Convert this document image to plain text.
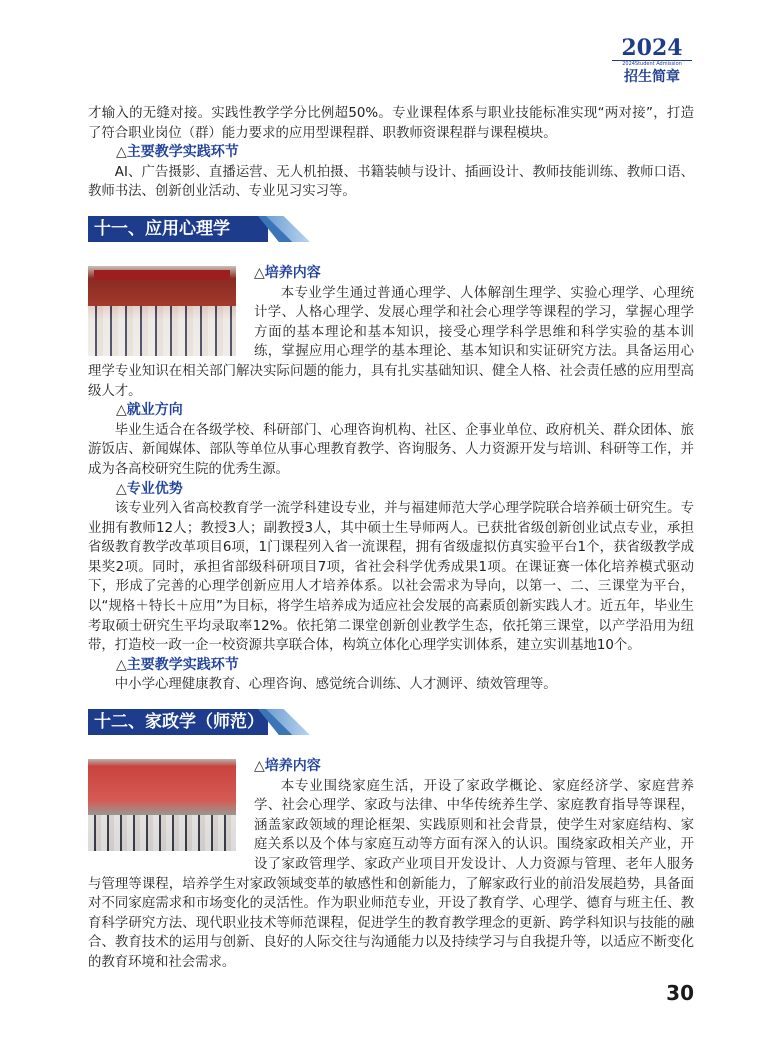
2024
2024Student Admission
招生简章

才输入的无缝对接。实践性教学学分比例超50%。专业课程体系与职业技能标准实现“两对接”，打造了符合职业岗位（群）能力要求的应用型课程群、职教师资课程群与课程模块。

△主要教学实践环节

AI、广告摄影、直播运营、无人机拍摄、书籍装帧与设计、插画设计、教师技能训练、教师口语、教师书法、创新创业活动、专业见习实习等。

十一、应用心理学
△培养内容

本专业学生通过普通心理学、人体解剖生理学、实验心理学、心理统计学、人格心理学、发展心理学和社会心理学等课程的学习，掌握心理学方面的基本理论和基本知识，接受心理学科学思维和科学实验的基本训练，掌握应用心理学的基本理论、基本知识和实证研究方法。具备运用心理学专业知识在相关部门解决实际问题的能力，具有扎实基础知识、健全人格、社会责任感的应用型高级人才。

△就业方向

毕业生适合在各级学校、科研部门、心理咨询机构、社区、企事业单位、政府机关、群众团体、旅游饭店、新闻媒体、部队等单位从事心理教育教学、咨询服务、人力资源开发与培训、科研等工作，并成为各高校研究生院的优秀生源。

△专业优势

该专业列入省高校教育学一流学科建设专业，并与福建师范大学心理学院联合培养硕士研究生。专业拥有教师12人；教授3人；副教授3人，其中硕士生导师两人。已获批省级创新创业试点专业，承担省级教育教学改革项目6项，1门课程列入省一流课程，拥有省级虚拟仿真实验平台1个，获省级教学成果奖2项。同时，承担省部级科研项目7项，省社会科学优秀成果1项。在课证赛一体化培养模式驱动下，形成了完善的心理学创新应用人才培养体系。以社会需求为导向，以第一、二、三课堂为平台，以“规格＋特长＋应用”为目标，将学生培养成为适应社会发展的高素质创新实践人才。近五年，毕业生考取硕士研究生平均录取率12%。依托第二课堂创新创业教学生态，依托第三课堂，以产学沿用为纽带，打造校一政一企一校资源共享联合体，构筑立体化心理学实训体系，建立实训基地10个。

△主要教学实践环节

中小学心理健康教育、心理咨询、感觉统合训练、人才测评、绩效管理等。

十二、家政学（师范）
△培养内容

本专业围绕家庭生活，开设了家政学概论、家庭经济学、家庭营养学、社会心理学、家政与法律、中华传统养生学、家庭教育指导等课程，涵盖家政领域的理论框架、实践原则和社会背景，使学生对家庭结构、家庭关系以及个体与家庭互动等方面有深入的认识。围绕家政相关产业，开设了家政管理学、家政产业项目开发设计、人力资源与管理、老年人服务与管理等课程，培养学生对家政领域变革的敏感性和创新能力，了解家政行业的前沿发展趋势，具备面对不同家庭需求和市场变化的灵活性。作为职业师范专业，开设了教育学、心理学、德育与班主任、教育科学研究方法、现代职业技术等师范课程，促进学生的教育教学理念的更新、跨学科知识与技能的融合、教育技术的运用与创新、良好的人际交往与沟通能力以及持续学习与自我提升等，以适应不断变化的教育环境和社会需求。

30
